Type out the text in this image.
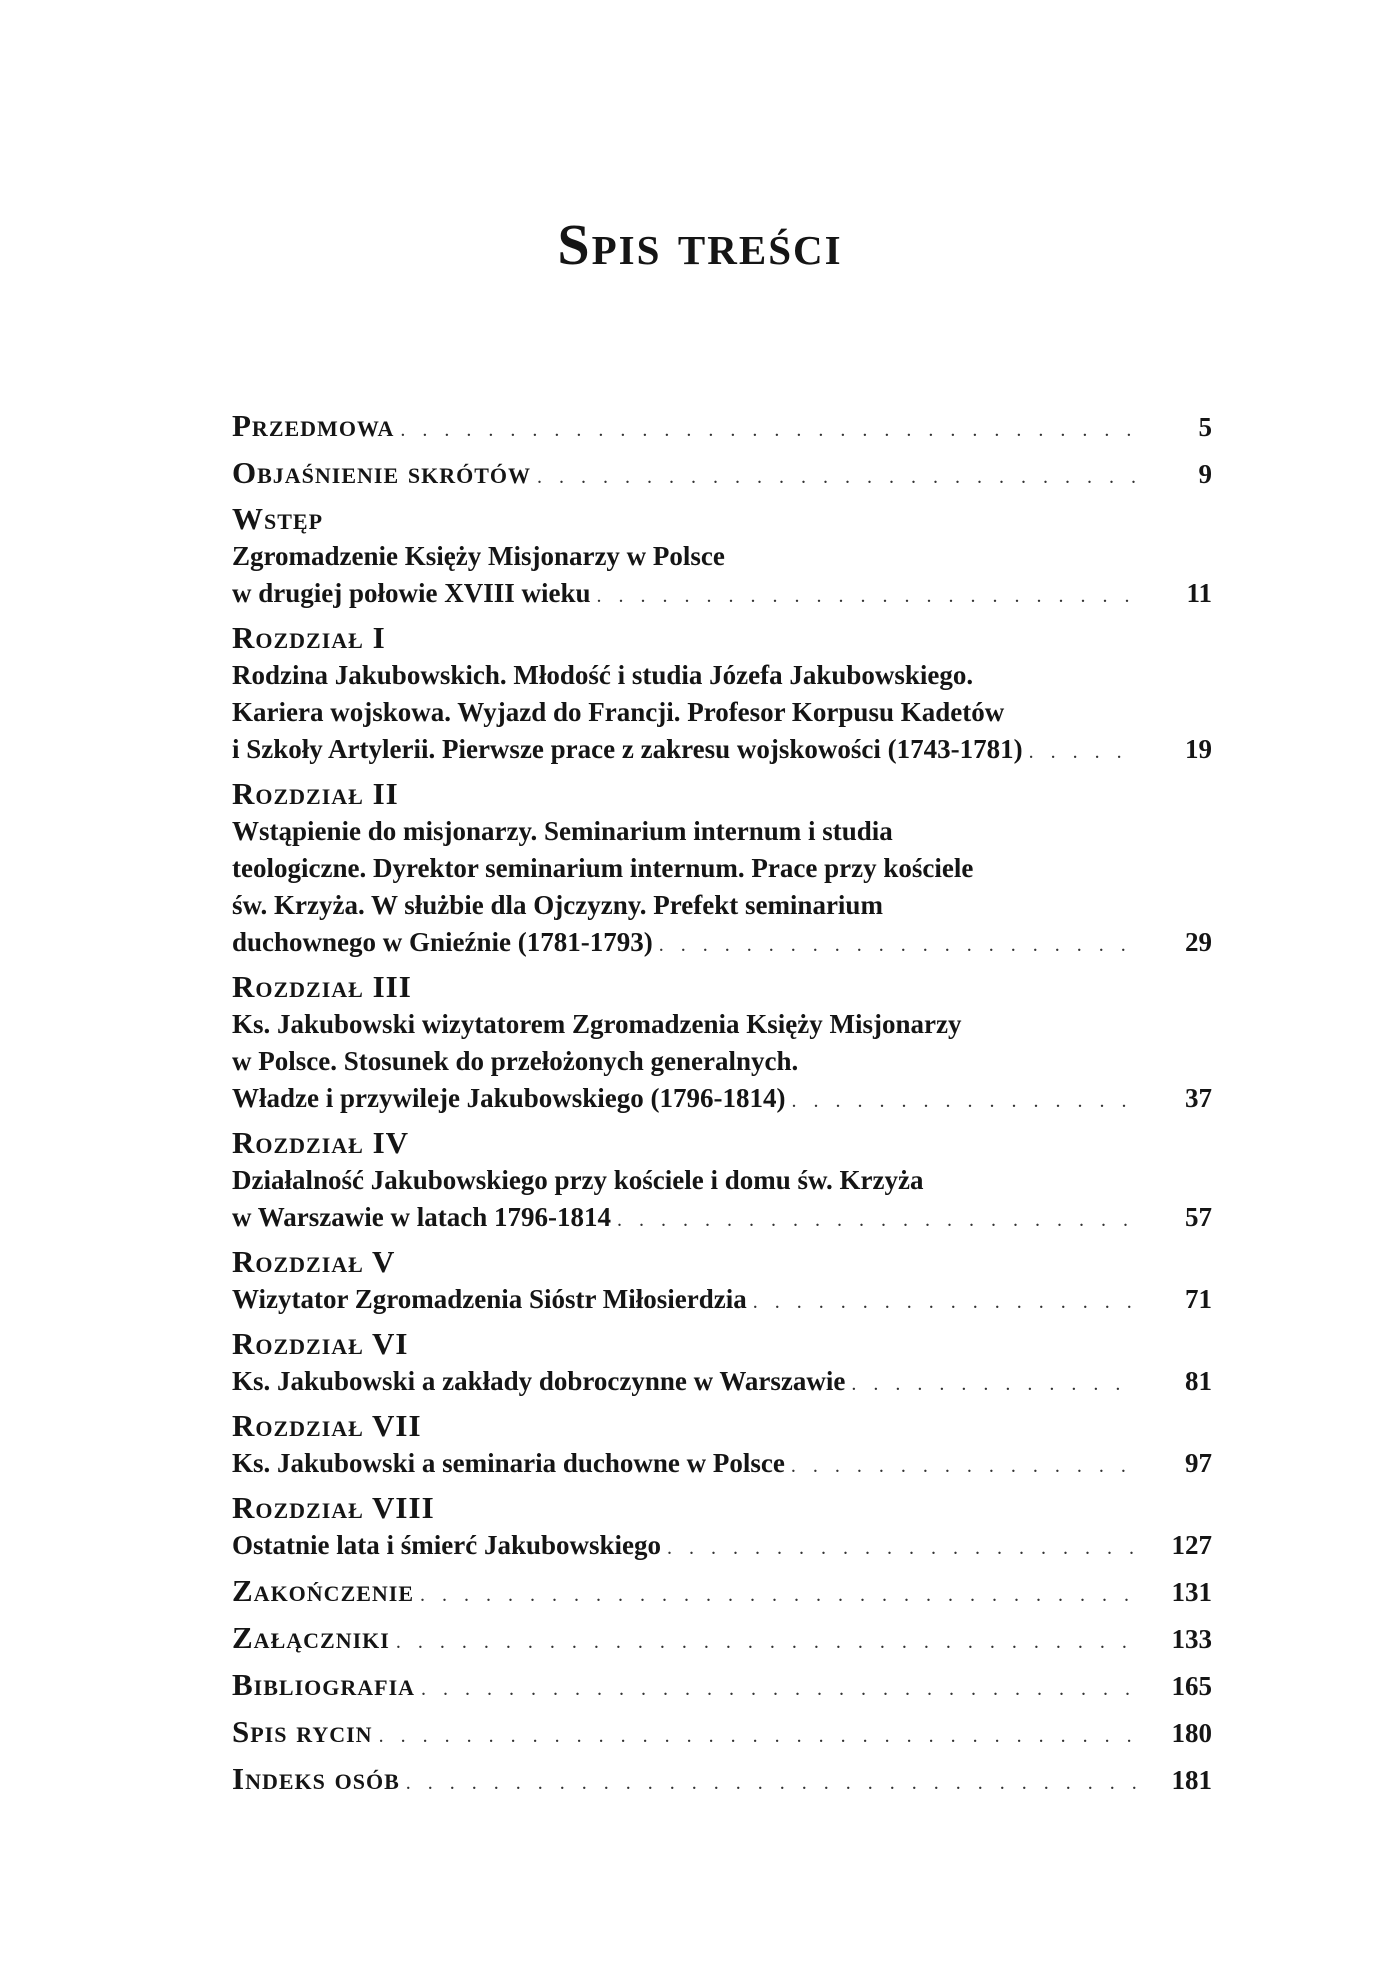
Spis treści
Przedmowa . . .	5
Objaśnienie skrótów . . .	9
Wstęp
Zgromadzenie Księży Misjonarzy w Polsce
w drugiej połowie XVIII wieku . . .	11
Rozdział I
Rodzina Jakubowskich. Młodość i studia Józefa Jakubowskiego.
Kariera wojskowa. Wyjazd do Francji. Profesor Korpusu Kadetów
i Szkoły Artylerii. Pierwsze prace z zakresu wojskowości (1743-1781) . . .	19
Rozdział II
Wstąpienie do misjonarzy. Seminarium internum i studia
teologiczne. Dyrektor seminarium internum. Prace przy kościele
św. Krzyża. W służbie dla Ojczyzny. Prefekt seminarium
duchownego w Gnieźnie (1781-1793) . . .	29
Rozdział III
Ks. Jakubowski wizytatorem Zgromadzenia Księży Misjonarzy
w Polsce. Stosunek do przełożonych generalnych.
Władze i przywileje Jakubowskiego (1796-1814) . . .	37
Rozdział IV
Działalność Jakubowskiego przy kościele i domu św. Krzyża
w Warszawie w latach 1796-1814 . . .	57
Rozdział V
Wizytator Zgromadzenia Sióstr Miłosierdzia . . .	71
Rozdział VI
Ks. Jakubowski a zakłady dobroczynne w Warszawie . . .	81
Rozdział VII
Ks. Jakubowski a seminaria duchowne w Polsce . . .	97
Rozdział VIII
Ostatnie lata i śmierć Jakubowskiego . . .	127
Zakończenie . . .	131
Załączniki . . .	133
Bibliografia . . .	165
Spis rycin . . .	180
Indeks osób . . .	181
